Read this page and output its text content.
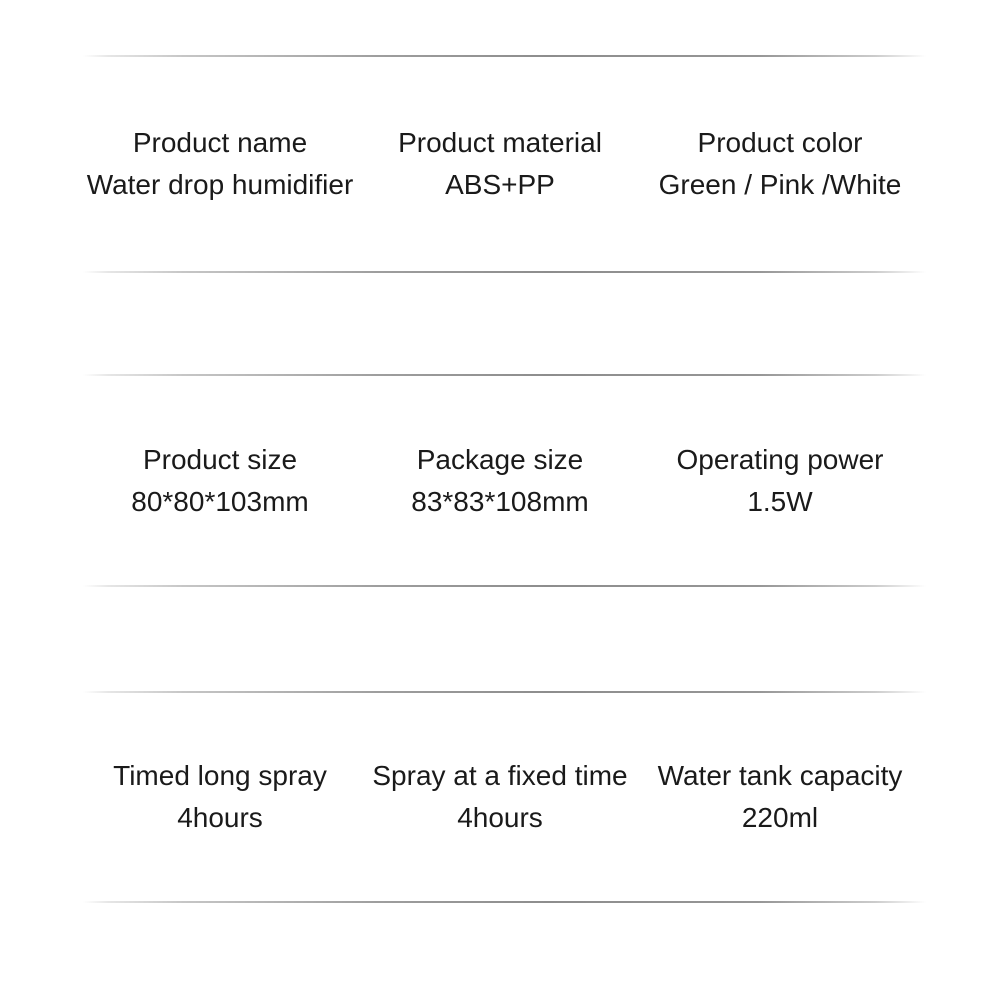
Product name
Water drop humidifier
Product material
ABS+PP
Product color
Green / Pink /White
Product size
80*80*103mm
Package size
83*83*108mm
Operating power
1.5W
Timed long spray
4hours
Spray at a fixed time
4hours
Water tank capacity
220ml
